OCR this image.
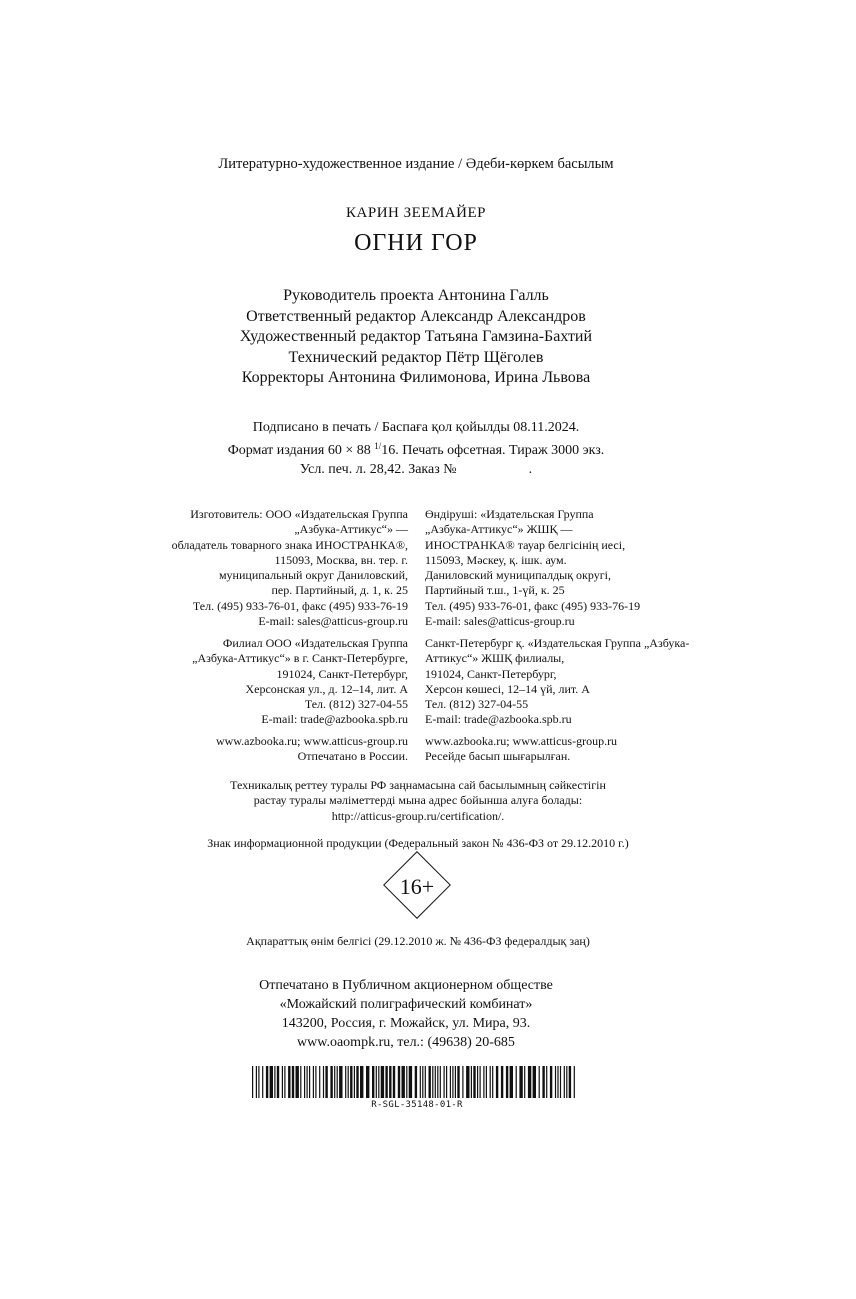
Литературно-художественное издание / Әдеби-көркем басылым
КАРИН ЗЕЕМАЙЕР
ОГНИ ГОР
Руководитель проекта Антонина Галль
Ответственный редактор Александр Александров
Художественный редактор Татьяна Гамзина-Бахтий
Технический редактор Пётр Щёголев
Корректоры Антонина Филимонова, Ирина Львова
Подписано в печать / Баспаға қол қойылды 08.11.2024.
Формат издания 60 × 88 $^{1/}$16. Печать офсетная. Тираж 3000 экз.
Усл. печ. л. 28,42. Заказ №	.
Изготовитель: ООО «Издательская Группа
„Азбука-Аттикус“» —
обладатель товарного знака ИНОСТРАНКА®,
115093, Москва, вн. тер. г.
муниципальный округ Даниловский,
пер. Партийный, д. 1, к. 25
Тел. (495) 933-76-01, факс (495) 933-76-19
E-mail: sales@atticus-group.ru
Өндіруші: «Издательская Группа
„Азбука-Аттикус“» ЖШҚ —
ИНОСТРАНКА® тауар белгісінің иесі,
115093, Мәскеу, қ. ішк. аум.
Даниловский муниципалдық округі,
Партийный т.ш., 1-үй, к. 25
Тел. (495) 933-76-01, факс (495) 933-76-19
E-mail: sales@atticus-group.ru
Филиал ООО «Издательская Группа
„Азбука-Аттикус“» в г. Санкт-Петербурге,
191024, Санкт-Петербург,
Херсонская ул., д. 12–14, лит. А
Тел. (812) 327-04-55
E-mail: trade@azbooka.spb.ru
Санкт-Петербург қ. «Издательская Группа „Азбука-
Аттикус“» ЖШҚ филиалы,
191024, Санкт-Петербург,
Херсон көшесі, 12–14 үй, лит. А
Тел. (812) 327-04-55
E-mail: trade@azbooka.spb.ru
www.azbooka.ru; www.atticus-group.ru
Отпечатано в России.
www.azbooka.ru; www.atticus-group.ru
Ресейде басып шығарылған.
Техникалық реттеу туралы РФ заңнамасына сай басылымның сәйкестігін
растау туралы мәліметтерді мына адрес бойынша алуға болады:
http://atticus-group.ru/certification/.
Знак информационной продукции (Федеральный закон № 436-ФЗ от 29.12.2010 г.)
16+
Ақпараттық өнім белгісі (29.12.2010 ж. № 436-ФЗ федералдық заң)
Отпечатано в Публичном акционерном обществе
«Можайский полиграфический комбинат»
143200, Россия, г. Можайск, ул. Мира, 93.
www.oaompk.ru, тел.: (49638) 20-685
R-SGL-35148-01-R
